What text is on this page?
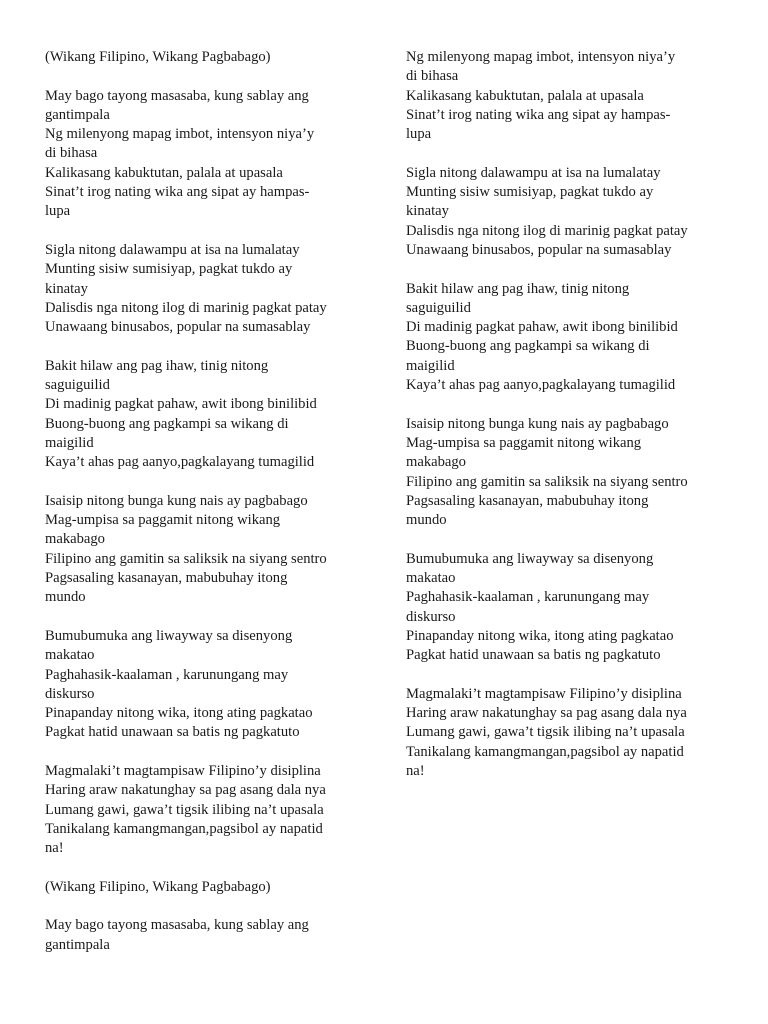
(Wikang Filipino, Wikang Pagbabago)
May bago tayong masasaba, kung sablay ang
gantimpala
Ng milenyong mapag imbot, intensyon niya’y
di bihasa
Kalikasang kabuktutan, palala at upasala
Sinat’t irog nating wika ang sipat ay hampas-
lupa
Sigla nitong dalawampu at isa na lumalatay
Munting sisiw sumisiyap, pagkat tukdo ay
kinatay
Dalisdis nga nitong ilog di marinig pagkat patay
Unawaang binusabos, popular na sumasablay
Bakit hilaw ang pag ihaw, tinig nitong
saguiguilid
Di madinig pagkat pahaw, awit ibong binilibid
Buong-buong ang pagkampi sa wikang di
maigilid
Kaya’t ahas pag aanyo,pagkalayang tumagilid
Isaisip nitong bunga kung nais ay pagbabago
Mag-umpisa sa paggamit nitong wikang
makabago
Filipino ang gamitin sa saliksik na siyang sentro
Pagsasaling kasanayan, mabubuhay itong
mundo
Bumubumuka ang liwayway sa disenyong
makatao
Paghahasik-kaalaman , karunungang may
diskurso
Pinapanday nitong wika, itong ating pagkatao
Pagkat hatid unawaan sa batis ng pagkatuto
Magmalaki’t magtampisaw Filipino’y disiplina
Haring araw nakatunghay sa pag asang dala nya
Lumang gawi, gawa’t tigsik ilibing na’t upasala
Tanikalang kamangmangan,pagsibol ay napatid
na!
(Wikang Filipino, Wikang Pagbabago)
May bago tayong masasaba, kung sablay ang
gantimpala
Ng milenyong mapag imbot, intensyon niya’y
di bihasa
Kalikasang kabuktutan, palala at upasala
Sinat’t irog nating wika ang sipat ay hampas-
lupa
Sigla nitong dalawampu at isa na lumalatay
Munting sisiw sumisiyap, pagkat tukdo ay
kinatay
Dalisdis nga nitong ilog di marinig pagkat patay
Unawaang binusabos, popular na sumasablay
Bakit hilaw ang pag ihaw, tinig nitong
saguiguilid
Di madinig pagkat pahaw, awit ibong binilibid
Buong-buong ang pagkampi sa wikang di
maigilid
Kaya’t ahas pag aanyo,pagkalayang tumagilid
Isaisip nitong bunga kung nais ay pagbabago
Mag-umpisa sa paggamit nitong wikang
makabago
Filipino ang gamitin sa saliksik na siyang sentro
Pagsasaling kasanayan, mabubuhay itong
mundo
Bumubumuka ang liwayway sa disenyong
makatao
Paghahasik-kaalaman , karunungang may
diskurso
Pinapanday nitong wika, itong ating pagkatao
Pagkat hatid unawaan sa batis ng pagkatuto
Magmalaki’t magtampisaw Filipino’y disiplina
Haring araw nakatunghay sa pag asang dala nya
Lumang gawi, gawa’t tigsik ilibing na’t upasala
Tanikalang kamangmangan,pagsibol ay napatid
na!
